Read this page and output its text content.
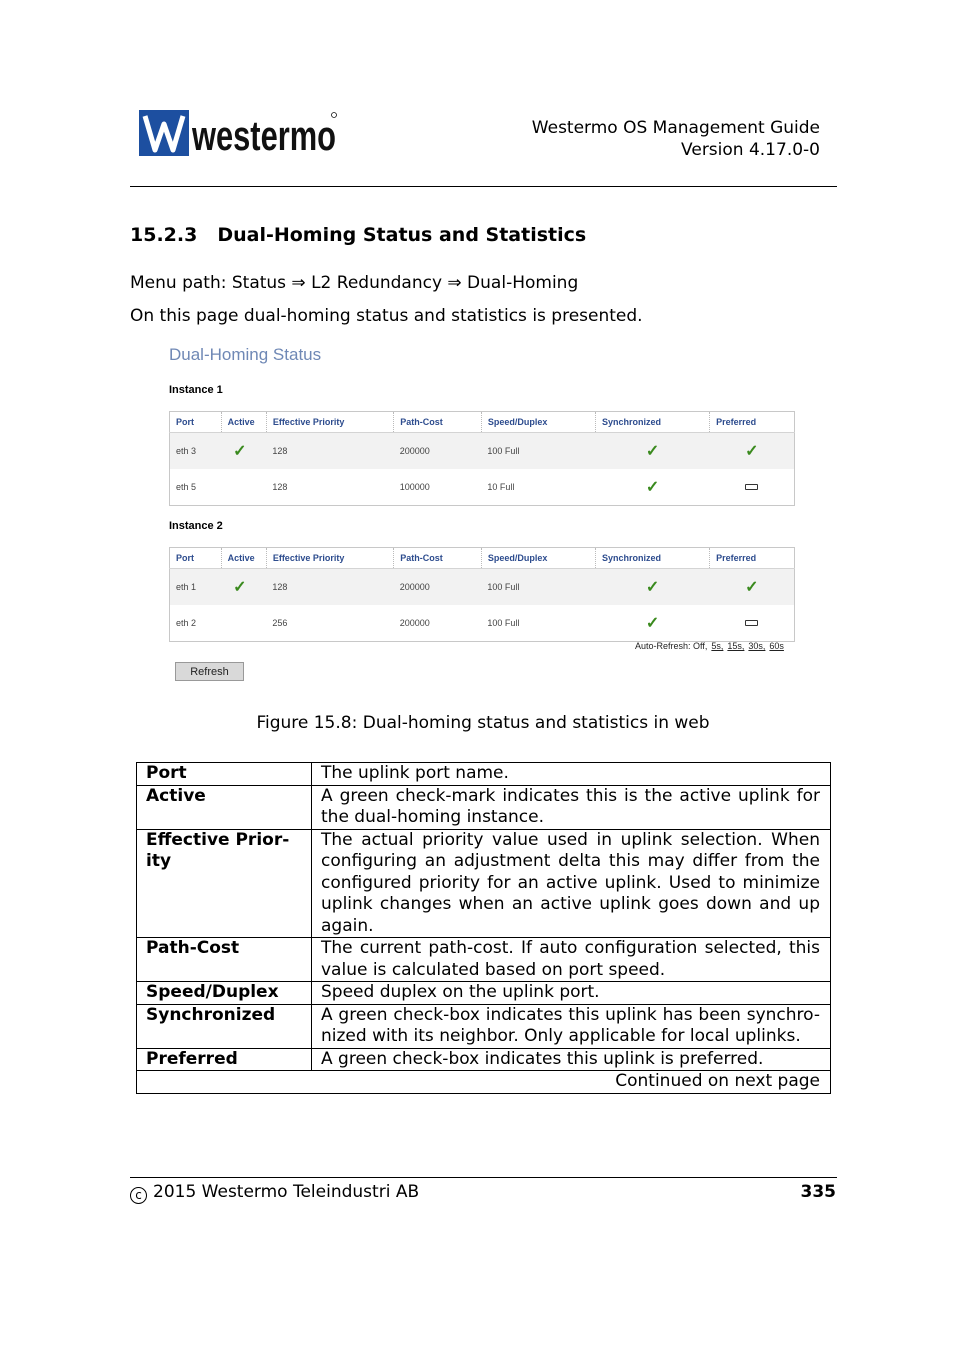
westermo	Westermo OS Management Guide
Version 4.17.0-0
15.2.3 Dual-Homing Status and Statistics
Menu path: Status ⇒ L2 Redundancy ⇒ Dual-Homing
On this page dual-homing status and statistics is presented.
Dual-Homing Status
Instance 1
Port	Active	Effective Priority	Path-Cost	Speed/Duplex	Synchronized	Preferred
eth 3	✓	128	200000	100 Full	✓	✓
eth 5		128	100000	10 Full	✓	
Instance 2
Port	Active	Effective Priority	Path-Cost	Speed/Duplex	Synchronized	Preferred
eth 1	✓	128	200000	100 Full	✓	✓
eth 2		256	200000	100 Full	✓	
Auto-Refresh: Off, 5s, 15s, 30s, 60s
Refresh
Figure 15.8: Dual-homing status and statistics in web
Port	The uplink port name.
Active	A green check-mark indicates this is the active uplink for the dual-homing instance.
Effective Prior-ity	The actual priority value used in uplink selection. When configuring an adjustment delta this may differ from the configured priority for an active uplink. Used to minimize uplink changes when an active uplink goes down and up again.
Path-Cost	The current path-cost. If auto configuration selected, this value is calculated based on port speed.
Speed/Duplex	Speed duplex on the uplink port.
Synchronized	A green check-box indicates this uplink has been synchro-nized with its neighbor. Only applicable for local uplinks.
Preferred	A green check-box indicates this uplink is preferred.
Continued on next page	
c 2015 Westermo Teleindustri AB	335
